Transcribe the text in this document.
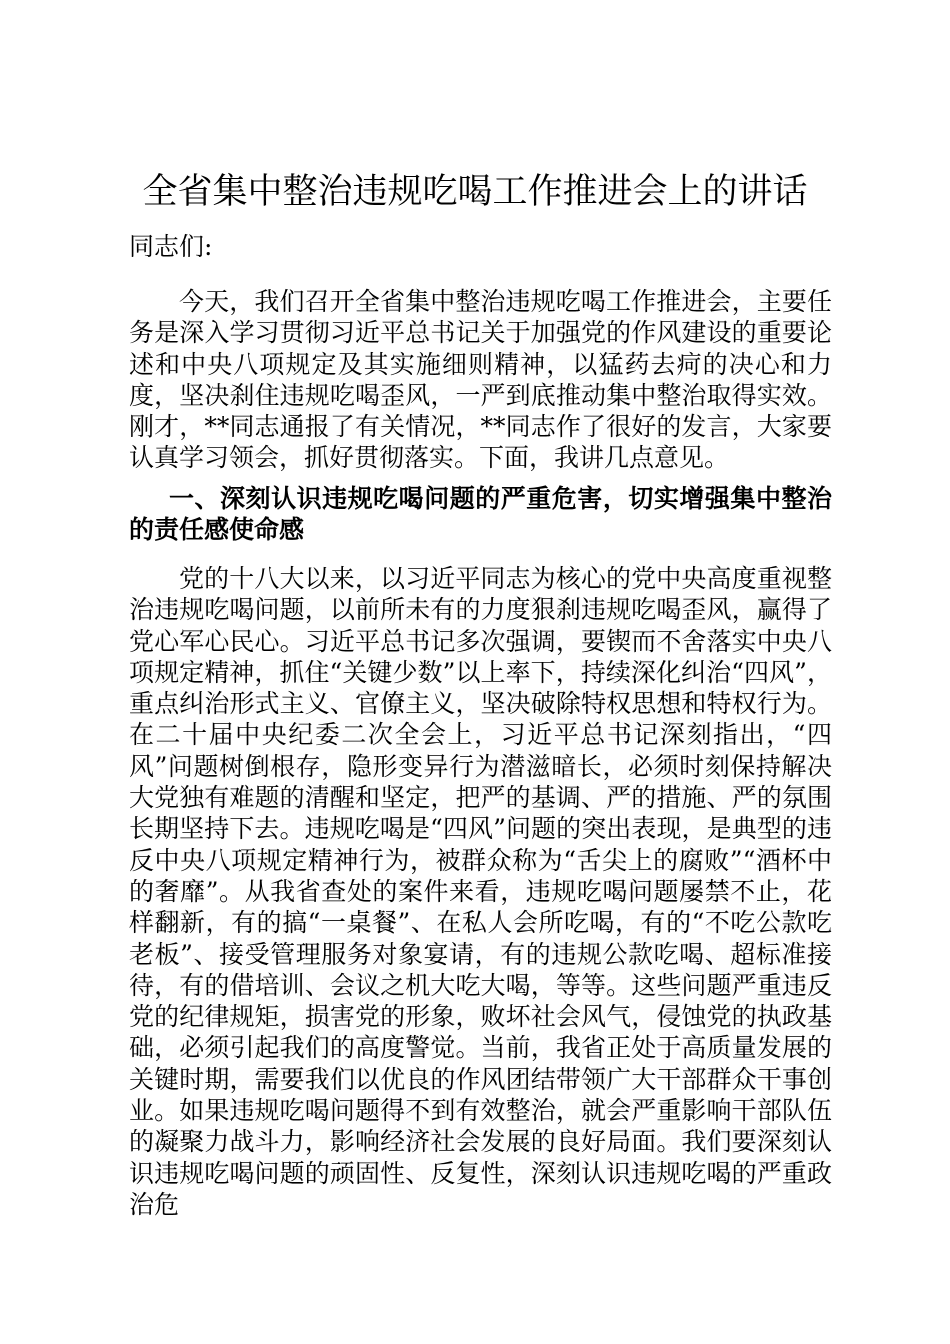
全省集中整治违规吃喝工作推进会上的讲话
同志们:

今天，我们召开全省集中整治违规吃喝工作推进会，主要任务是深入学习贯彻习近平总书记关于加强党的作风建设的重要论述和中央八项规定及其实施细则精神，以猛药去疴的决心和力度，坚决刹住违规吃喝歪风，一严到底推动集中整治取得实效。刚才，**同志通报了有关情况，**同志作了很好的发言，大家要认真学习领会，抓好贯彻落实。下面，我讲几点意见。

一、深刻认识违规吃喝问题的严重危害，切实增强集中整治的责任感使命感

党的十八大以来，以习近平同志为核心的党中央高度重视整治违规吃喝问题，以前所未有的力度狠刹违规吃喝歪风，赢得了党心军心民心。习近平总书记多次强调，要锲而不舍落实中央八项规定精神，抓住“关键少数”以上率下，持续深化纠治“四风”，重点纠治形式主义、官僚主义，坚决破除特权思想和特权行为。在二十届中央纪委二次全会上，习近平总书记深刻指出，“四风”问题树倒根存，隐形变异行为潜滋暗长，必须时刻保持解决大党独有难题的清醒和坚定，把严的基调、严的措施、严的氛围长期坚持下去。违规吃喝是“四风”问题的突出表现，是典型的违反中央八项规定精神行为，被群众称为“舌尖上的腐败”“酒杯中的奢靡”。从我省查处的案件来看，违规吃喝问题屡禁不止，花样翻新，有的搞“一桌餐”、在私人会所吃喝，有的“不吃公款吃老板”、接受管理服务对象宴请，有的违规公款吃喝、超标准接待，有的借培训、会议之机大吃大喝，等等。这些问题严重违反党的纪律规矩，损害党的形象，败坏社会风气，侵蚀党的执政基础，必须引起我们的高度警觉。当前，我省正处于高质量发展的关键时期，需要我们以优良的作风团结带领广大干部群众干事创业。如果违规吃喝问题得不到有效整治，就会严重影响干部队伍的凝聚力战斗力，影响经济社会发展的良好局面。我们要深刻认识违规吃喝问题的顽固性、反复性，深刻认识违规吃喝的严重政治危
